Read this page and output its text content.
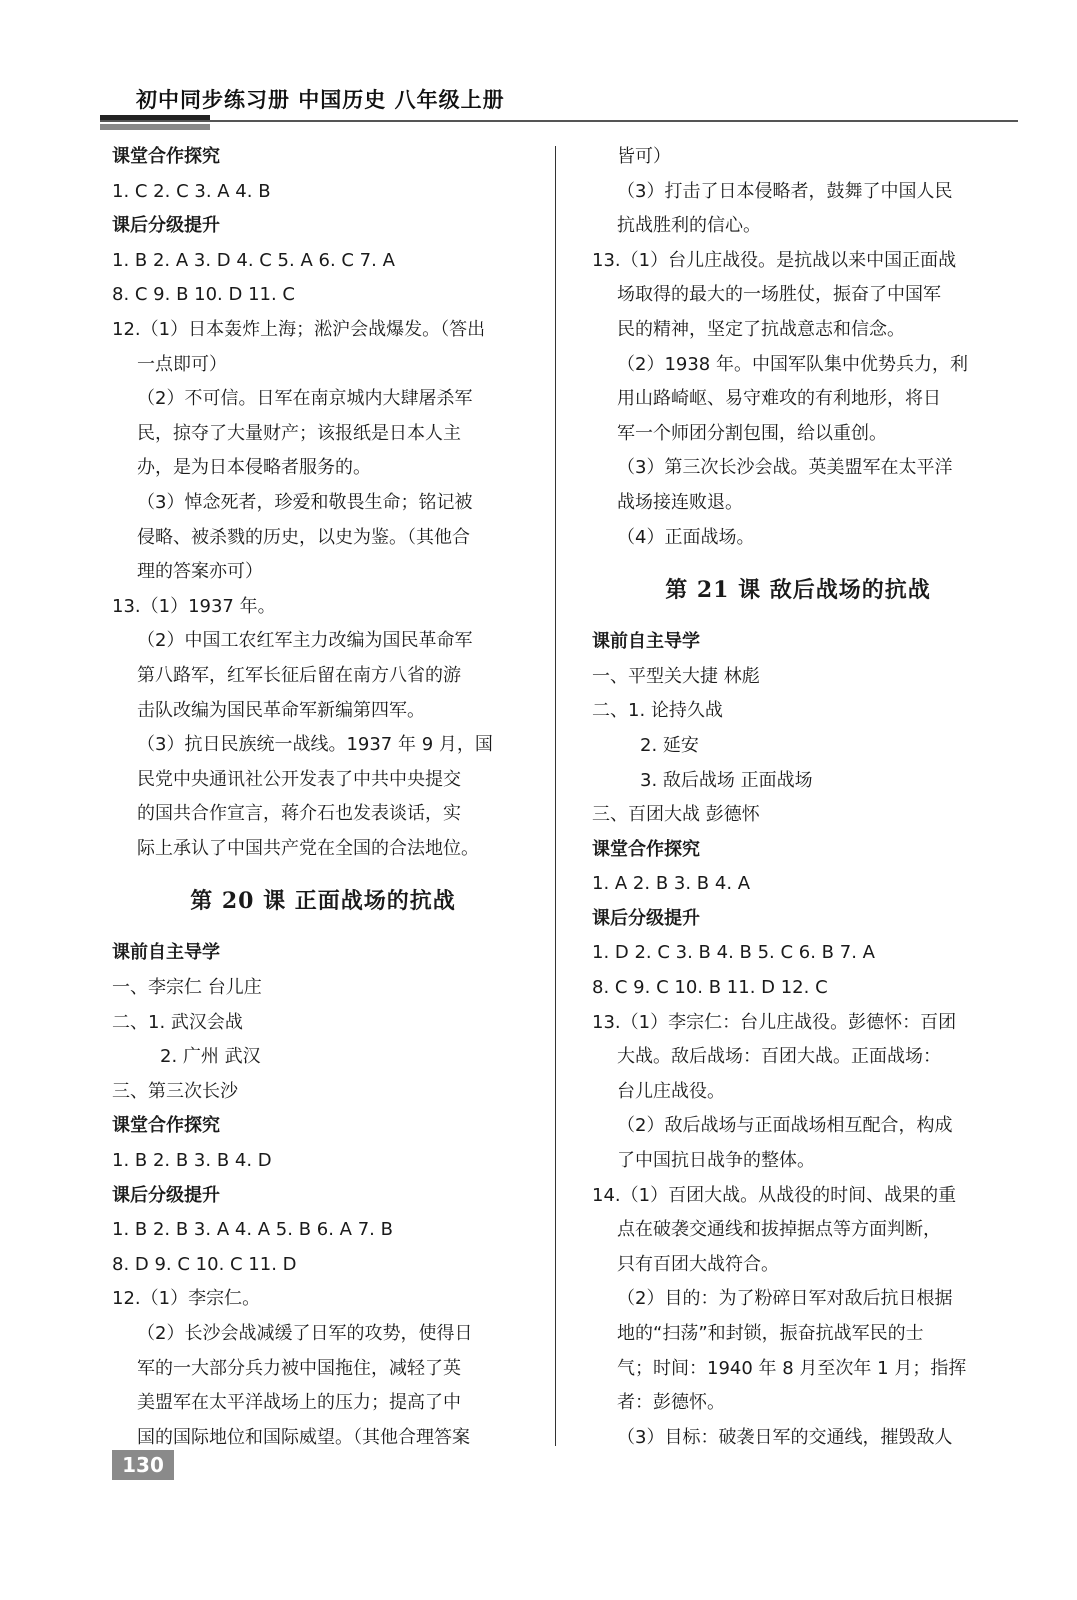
初中同步练习册 中国历史 八年级上册
课堂合作探究
1. C 2. C 3. A 4. B
课后分级提升
1. B 2. A 3. D 4. C 5. A 6. C 7. A
8. C 9. B 10. D 11. C
12.（1）日本轰炸上海；淞沪会战爆发。（答出
一点即可）
（2）不可信。日军在南京城内大肆屠杀军
民，掠夺了大量财产；该报纸是日本人主
办，是为日本侵略者服务的。
（3）悼念死者，珍爱和敬畏生命；铭记被
侵略、被杀戮的历史，以史为鉴。（其他合
理的答案亦可）
13.（1）1937 年。
（2）中国工农红军主力改编为国民革命军
第八路军，红军长征后留在南方八省的游
击队改编为国民革命军新编第四军。
（3）抗日民族统一战线。1937 年 9 月，国
民党中央通讯社公开发表了中共中央提交
的国共合作宣言，蒋介石也发表谈话，实
际上承认了中国共产党在全国的合法地位。
第 20 课 正面战场的抗战
课前自主导学
一、李宗仁 台儿庄
二、1. 武汉会战
2. 广州 武汉
三、第三次长沙
课堂合作探究
1. B 2. B 3. B 4. D
课后分级提升
1. B 2. B 3. A 4. A 5. B 6. A 7. B
8. D 9. C 10. C 11. D
12.（1）李宗仁。
（2）长沙会战减缓了日军的攻势，使得日
军的一大部分兵力被中国拖住，减轻了英
美盟军在太平洋战场上的压力；提高了中
国的国际地位和国际威望。（其他合理答案
皆可）
（3）打击了日本侵略者，鼓舞了中国人民
抗战胜利的信心。
13.（1）台儿庄战役。是抗战以来中国正面战
场取得的最大的一场胜仗，振奋了中国军
民的精神，坚定了抗战意志和信念。
（2）1938 年。中国军队集中优势兵力，利
用山路崎岖、易守难攻的有利地形，将日
军一个师团分割包围，给以重创。
（3）第三次长沙会战。英美盟军在太平洋
战场接连败退。
（4）正面战场。
第 21 课 敌后战场的抗战
课前自主导学
一、平型关大捷 林彪
二、1. 论持久战
2. 延安
3. 敌后战场 正面战场
三、百团大战 彭德怀
课堂合作探究
1. A 2. B 3. B 4. A
课后分级提升
1. D 2. C 3. B 4. B 5. C 6. B 7. A
8. C 9. C 10. B 11. D 12. C
13.（1）李宗仁：台儿庄战役。彭德怀：百团
大战。敌后战场：百团大战。正面战场：
台儿庄战役。
（2）敌后战场与正面战场相互配合，构成
了中国抗日战争的整体。
14.（1）百团大战。从战役的时间、战果的重
点在破袭交通线和拔掉据点等方面判断，
只有百团大战符合。
（2）目的：为了粉碎日军对敌后抗日根据
地的“扫荡”和封锁，振奋抗战军民的士
气；时间：1940 年 8 月至次年 1 月；指挥
者：彭德怀。
（3）目标：破袭日军的交通线，摧毁敌人
130
